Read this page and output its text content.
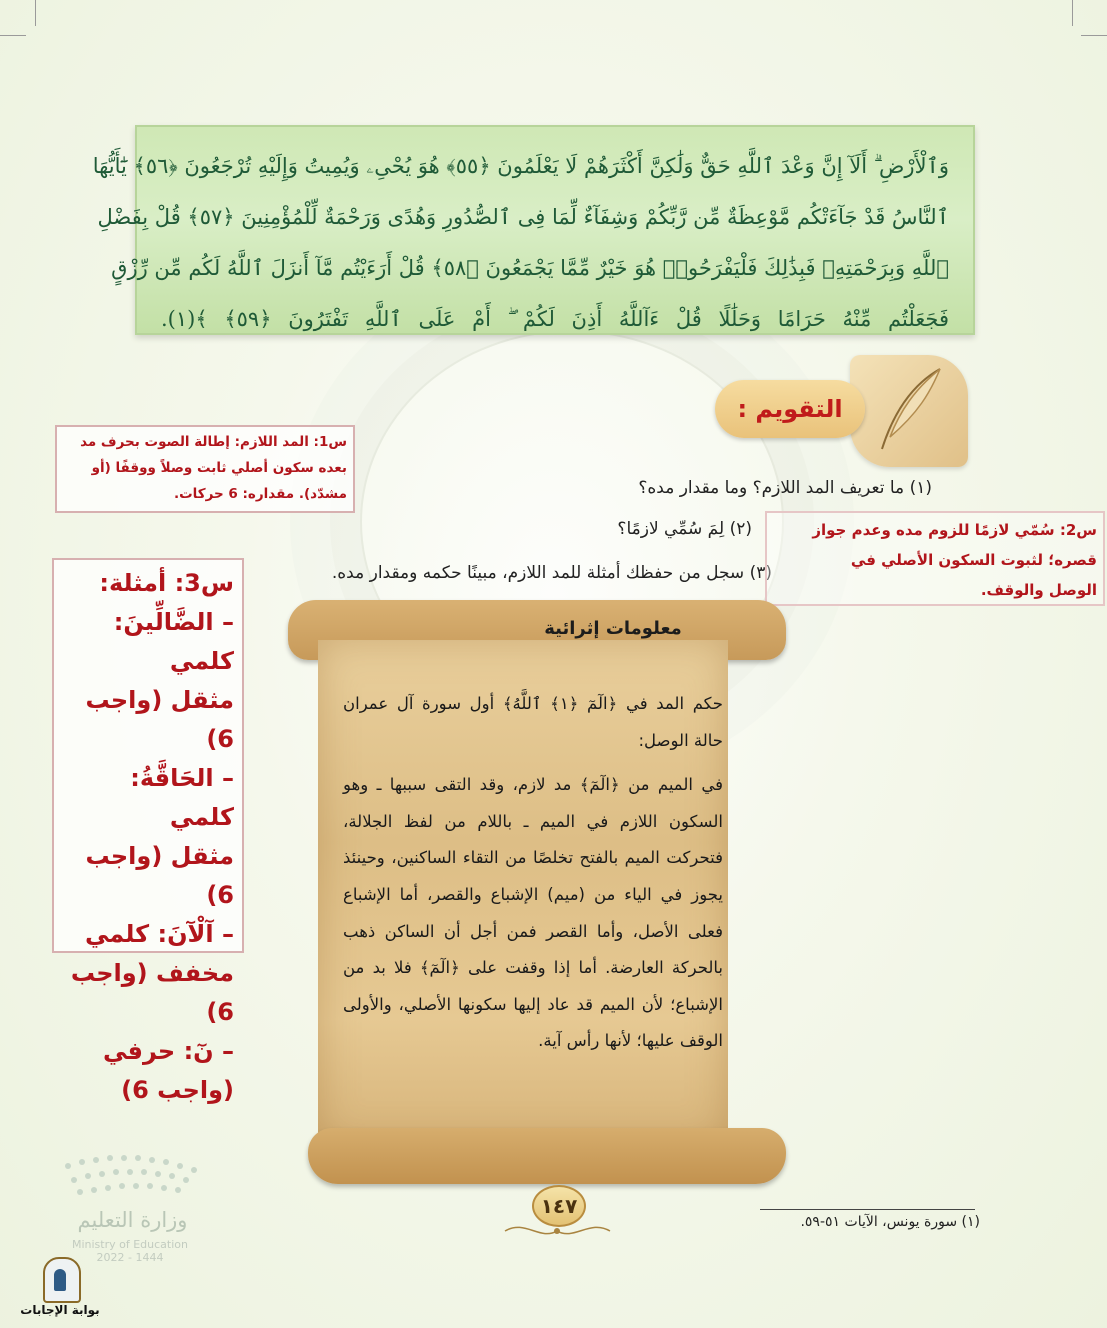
وَٱلْأَرْضِ ۗ أَلَآ إِنَّ وَعْدَ ٱللَّهِ حَقٌّ وَلَٰكِنَّ أَكْثَرَهُمْ لَا يَعْلَمُونَ ﴿٥٥﴾ هُوَ يُحْىِۦ وَيُمِيتُ وَإِلَيْهِ تُرْجَعُونَ ﴿٥٦﴾ يَٰٓأَيُّهَا
ٱلنَّاسُ قَدْ جَآءَتْكُم مَّوْعِظَةٌ مِّن رَّبِّكُمْ وَشِفَآءٌ لِّمَا فِى ٱلصُّدُورِ وَهُدًى وَرَحْمَةٌ لِّلْمُؤْمِنِينَ ﴿٥٧﴾ قُلْ بِفَضْلِ
ٱللَّهِ وَبِرَحْمَتِهِۦ فَبِذَٰلِكَ فَلْيَفْرَحُوا۟ هُوَ خَيْرٌ مِّمَّا يَجْمَعُونَ ﴿٥٨﴾ قُلْ أَرَءَيْتُم مَّآ أَنزَلَ ٱللَّهُ لَكُم مِّن رِّزْقٍ
فَجَعَلْتُم مِّنْهُ حَرَامًا وَحَلَٰلًا قُلْ ءَآللَّهُ أَذِنَ لَكُمْ ۖ أَمْ عَلَى ٱللَّهِ تَفْتَرُونَ ﴿٥٩﴾ ﴾(١).
التقويم :
(١) ما تعريف المد اللازم؟ وما مقدار مده؟
(٢) لِمَ سُمِّي لازمًا؟
(٣) سجل من حفظك أمثلة للمد اللازم، مبينًا حكمه ومقدار مده.
س1: المد اللازم: إطالة الصوت بحرف مد
بعده سكون أصلي ثابت وصلاً ووقفًا (أو
مشدّد). مقداره: 6 حركات.
س2: سُمّي لازمًا للزوم مده وعدم جواز
قصره؛ لثبوت السكون الأصلي في
الوصل والوقف.
س3: أمثلة:
– الضَّالِّينَ: كلمي
مثقل (واجب 6)
– الحَاقَّةُ: كلمي
مثقل (واجب 6)
– آلْآنَ: كلمي
مخفف (واجب 6)
– نٓ: حرفي
(واجب 6)
معلومات إثرائية

حكم المد في ﴿الٓمٓ ﴿١﴾ ٱللَّهُ﴾ أول سورة آل عمران حالة الوصل:

في الميم من ﴿الٓمٓ﴾ مد لازم، وقد التقى سببها ـ وهو السكون اللازم في الميم ـ باللام من لفظ الجلالة، فتحركت الميم بالفتح تخلصًا من التقاء الساكنين، وحينئذ يجوز في الياء من (ميم) الإشباع والقصر، أما الإشباع فعلى الأصل، وأما القصر فمن أجل أن الساكن ذهب بالحركة العارضة. أما إذا وقفت على ﴿الٓمٓ﴾ فلا بد من الإشباع؛ لأن الميم قد عاد إليها سكونها الأصلي، والأولى الوقف عليها؛ لأنها رأس آية.

١٤٧
(١) سورة يونس، الآيات ٥١-٥٩.
وزارة التعليم
Ministry of Education
2022 - 1444
بوابة الإجابات
